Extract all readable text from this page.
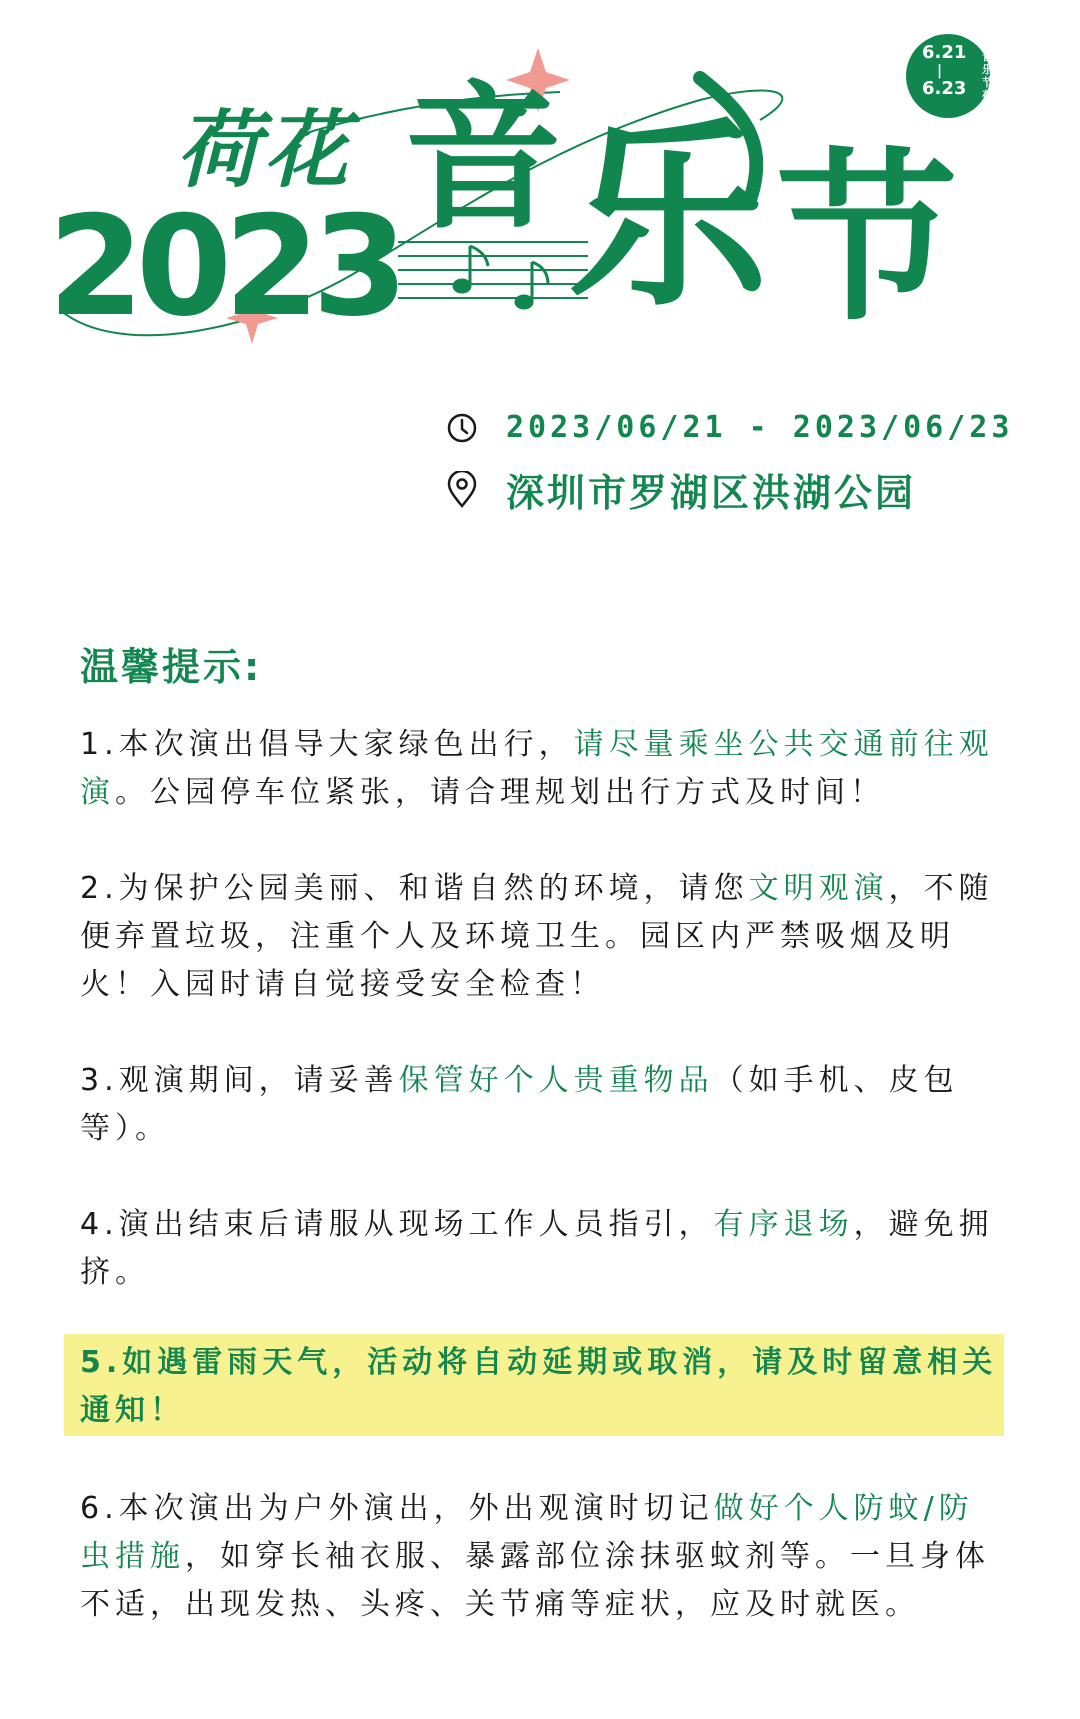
荷花
2023
音 乐 节
6.21
|
6.23
音乐节荷花
2023/06/21 - 2023/06/23
深圳市罗湖区洪湖公园
温馨提示:

1.本次演出倡导大家绿色出行，请尽量乘坐公共交通前往观演。公园停车位紧张，请合理规划出行方式及时间！

2.为保护公园美丽、和谐自然的环境，请您文明观演，不随便弃置垃圾，注重个人及环境卫生。园区内严禁吸烟及明火！入园时请自觉接受安全检查！

3.观演期间，请妥善保管好个人贵重物品（如手机、皮包等）。

4.演出结束后请服从现场工作人员指引，有序退场，避免拥挤。

5.如遇雷雨天气，活动将自动延期或取消，请及时留意相关通知！

6.本次演出为户外演出，外出观演时切记做好个人防蚊/防虫措施，如穿长袖衣服、暴露部位涂抹驱蚊剂等。一旦身体不适，出现发热、头疼、关节痛等症状，应及时就医。
